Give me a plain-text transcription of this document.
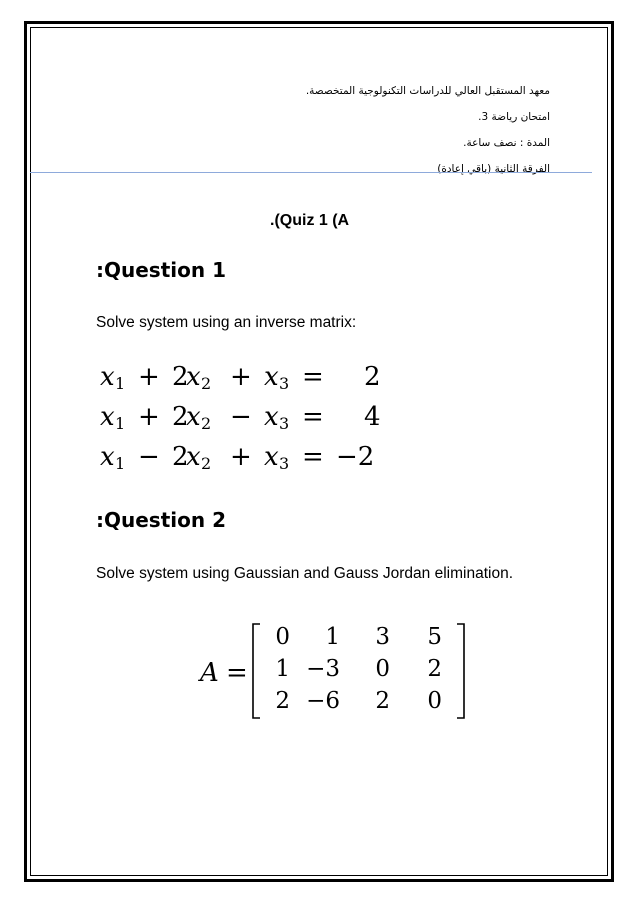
معهد المستقبل العالي للدراسات التكنولوجية المتخصصة.
امتحان رياضة 3.
المدة : نصف ساعة.
الفرقة الثانية (باقي إعادة)
.(Quiz 1 (A
:Question 1
Solve system using an inverse matrix:
x 1 + 2
x 2 + x 3 = 2
x 1 + 2
x 2 − x 3 = 4
x 1 − 2
x 2 + x 3 = −2
:Question 2
Solve system using Gaussian and Gauss Jordan elimination.
A =
0	1	3	5
1 −3	0	2
2 −6	2	0
